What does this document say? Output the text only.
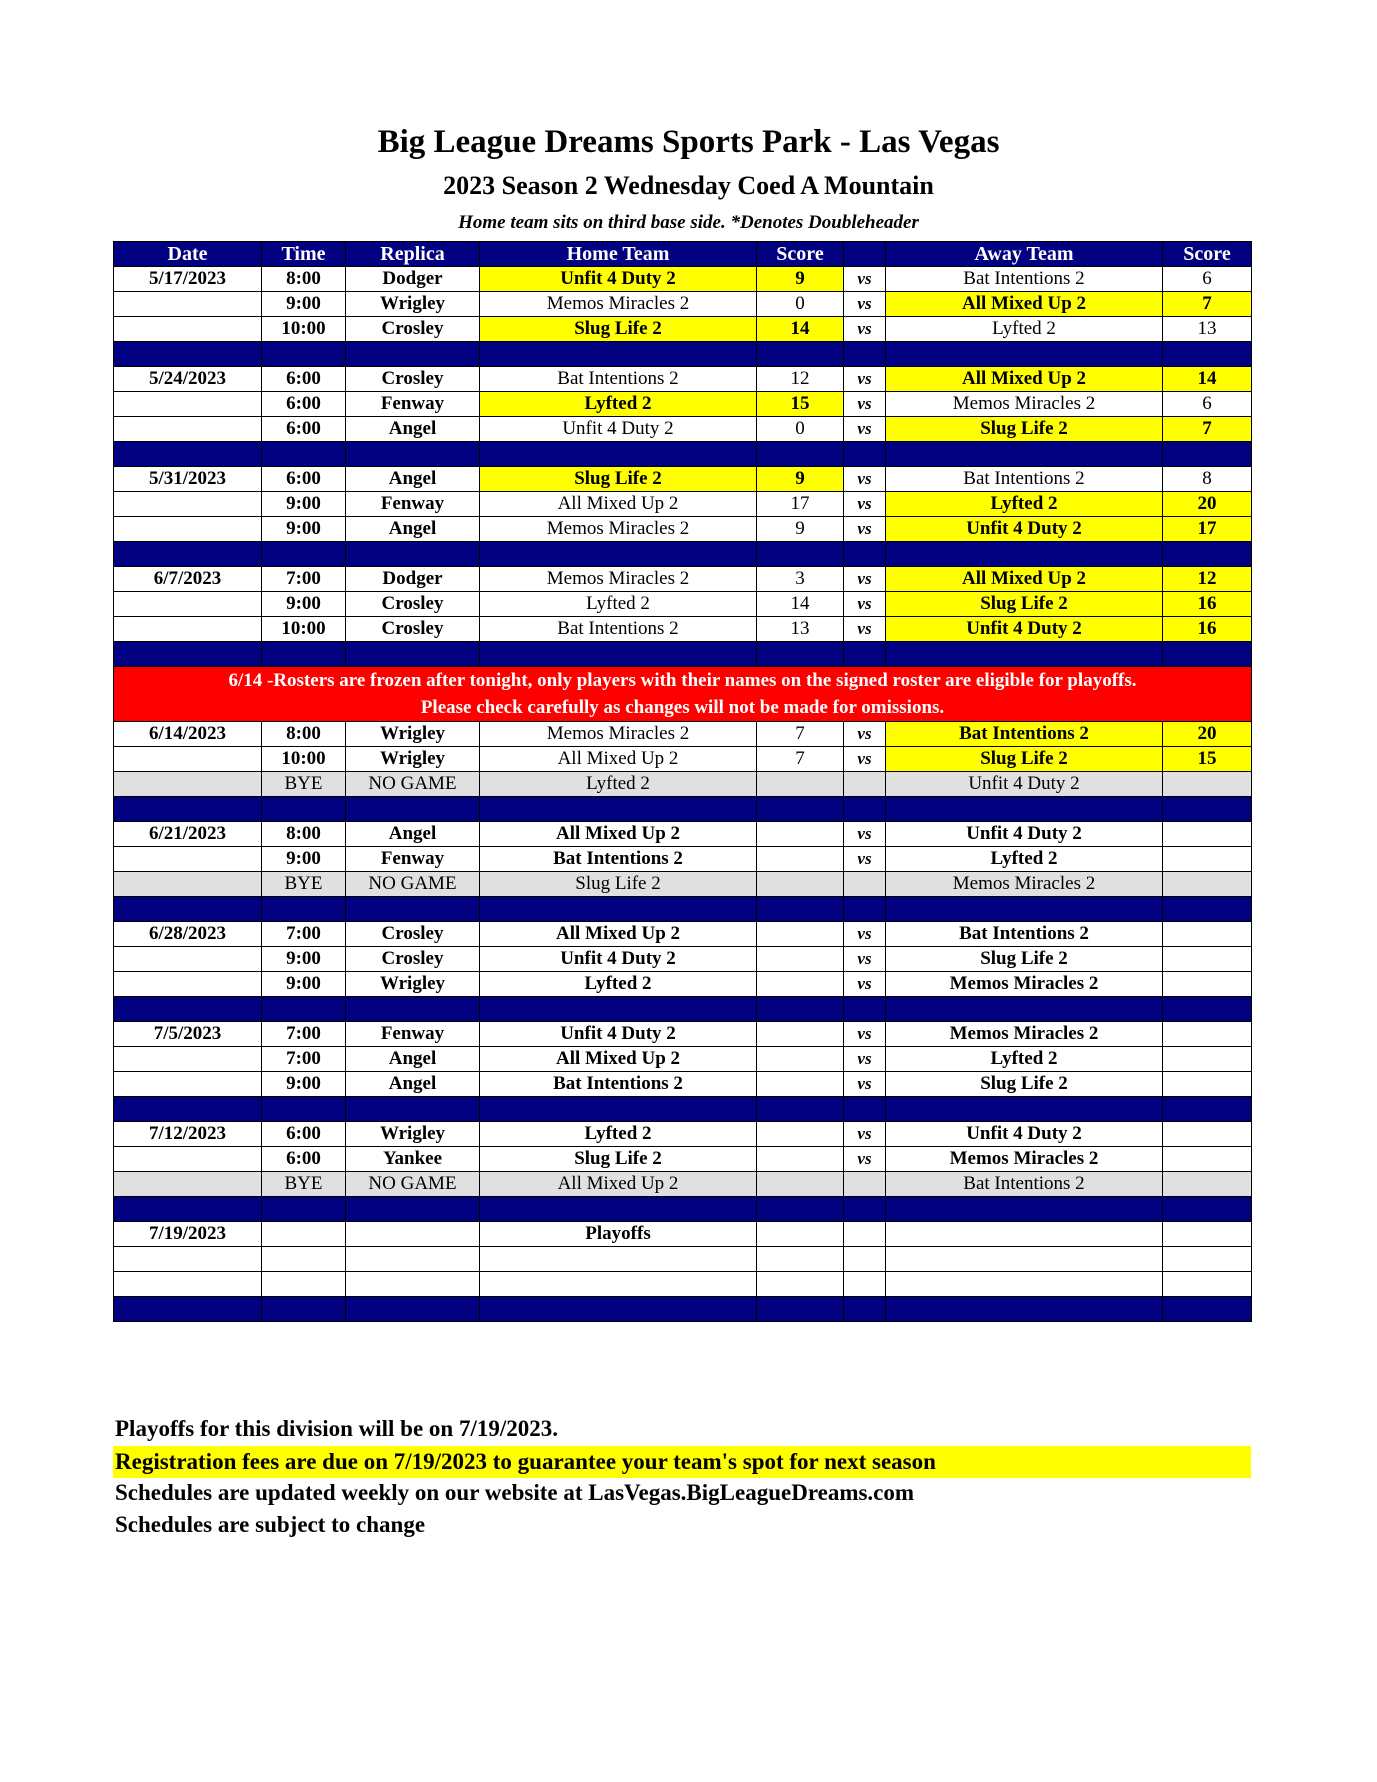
Big League Dreams Sports Park - Las Vegas
2023 Season 2 Wednesday Coed A Mountain
Home team sits on third base side. *Denotes Doubleheader
Date	Time	Replica	Home Team	Score		Away Team	Score
5/17/2023	8:00	Dodger	Unfit 4 Duty 2	9	vs	Bat Intentions 2	6
	9:00	Wrigley	Memos Miracles 2	0	vs	All Mixed Up 2	7
	10:00	Crosley	Slug Life 2	14	vs	Lyfted 2	13

5/24/2023	6:00	Crosley	Bat Intentions 2	12	vs	All Mixed Up 2	14
	6:00	Fenway	Lyfted 2	15	vs	Memos Miracles 2	6
	6:00	Angel	Unfit 4 Duty 2	0	vs	Slug Life 2	7

5/31/2023	6:00	Angel	Slug Life 2	9	vs	Bat Intentions 2	8
	9:00	Fenway	All Mixed Up 2	17	vs	Lyfted 2	20
	9:00	Angel	Memos Miracles 2	9	vs	Unfit 4 Duty 2	17

6/7/2023	7:00	Dodger	Memos Miracles 2	3	vs	All Mixed Up 2	12
	9:00	Crosley	Lyfted 2	14	vs	Slug Life 2	16
	10:00	Crosley	Bat Intentions 2	13	vs	Unfit 4 Duty 2	16

6/14 -Rosters are frozen after tonight, only players with their names on the signed roster are eligible for playoffs.
Please check carefully as changes will not be made for omissions.							

6/14/2023	8:00	Wrigley	Memos Miracles 2	7	vs	Bat Intentions 2	20
	10:00	Wrigley	All Mixed Up 2	7	vs	Slug Life 2	15
	BYE	NO GAME	Lyfted 2			Unfit 4 Duty 2	

6/21/2023	8:00	Angel	All Mixed Up 2		vs	Unfit 4 Duty 2	
	9:00	Fenway	Bat Intentions 2		vs	Lyfted 2	
	BYE	NO GAME	Slug Life 2			Memos Miracles 2	

6/28/2023	7:00	Crosley	All Mixed Up 2		vs	Bat Intentions 2	
	9:00	Crosley	Unfit 4 Duty 2		vs	Slug Life 2	
	9:00	Wrigley	Lyfted 2		vs	Memos Miracles 2	

7/5/2023	7:00	Fenway	Unfit 4 Duty 2		vs	Memos Miracles 2	
	7:00	Angel	All Mixed Up 2		vs	Lyfted 2	
	9:00	Angel	Bat Intentions 2		vs	Slug Life 2	

7/12/2023	6:00	Wrigley	Lyfted 2		vs	Unfit 4 Duty 2	
	6:00	Yankee	Slug Life 2		vs	Memos Miracles 2	
	BYE	NO GAME	All Mixed Up 2			Bat Intentions 2	

7/19/2023			Playoffs				

Playoffs for this division will be on 7/19/2023.
Registration fees are due on 7/19/2023 to guarantee your team's spot for next season
Schedules are updated weekly on our website at LasVegas.BigLeagueDreams.com
Schedules are subject to change
